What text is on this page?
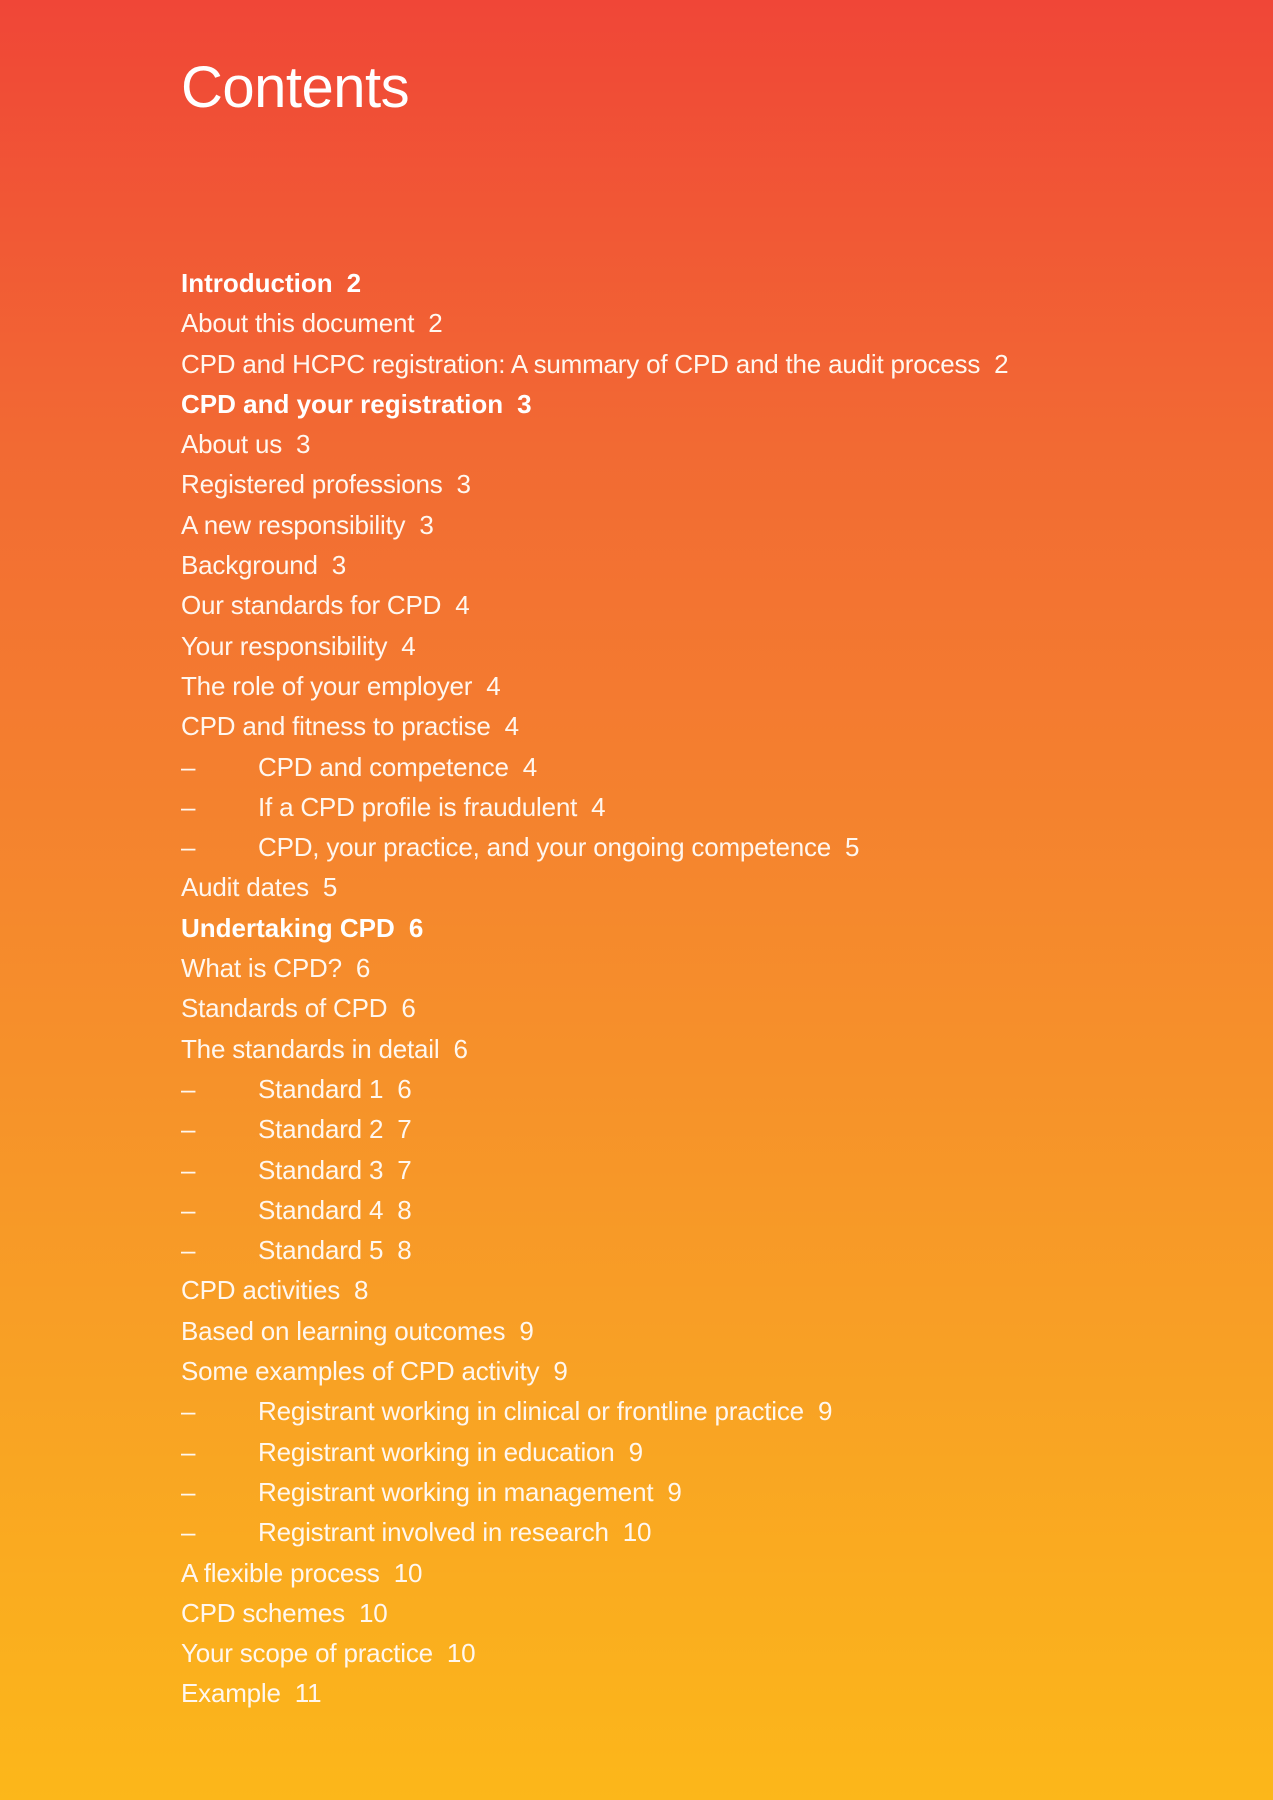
Contents
Introduction 2
About this document 2
CPD and HCPC registration: A summary of CPD and the audit process 2
CPD and your registration 3
About us 3
Registered professions 3
A new responsibility 3
Background 3
Our standards for CPD 4
Your responsibility 4
The role of your employer 4
CPD and fitness to practise 4
– CPD and competence 4
– If a CPD profile is fraudulent 4
– CPD, your practice, and your ongoing competence 5
Audit dates 5
Undertaking CPD 6
What is CPD? 6
Standards of CPD 6
The standards in detail 6
– Standard 1 6
– Standard 2 7
– Standard 3 7
– Standard 4 8
– Standard 5 8
CPD activities 8
Based on learning outcomes 9
Some examples of CPD activity 9
– Registrant working in clinical or frontline practice 9
– Registrant working in education 9
– Registrant working in management 9
– Registrant involved in research 10
A flexible process 10
CPD schemes 10
Your scope of practice 10
Example 11
